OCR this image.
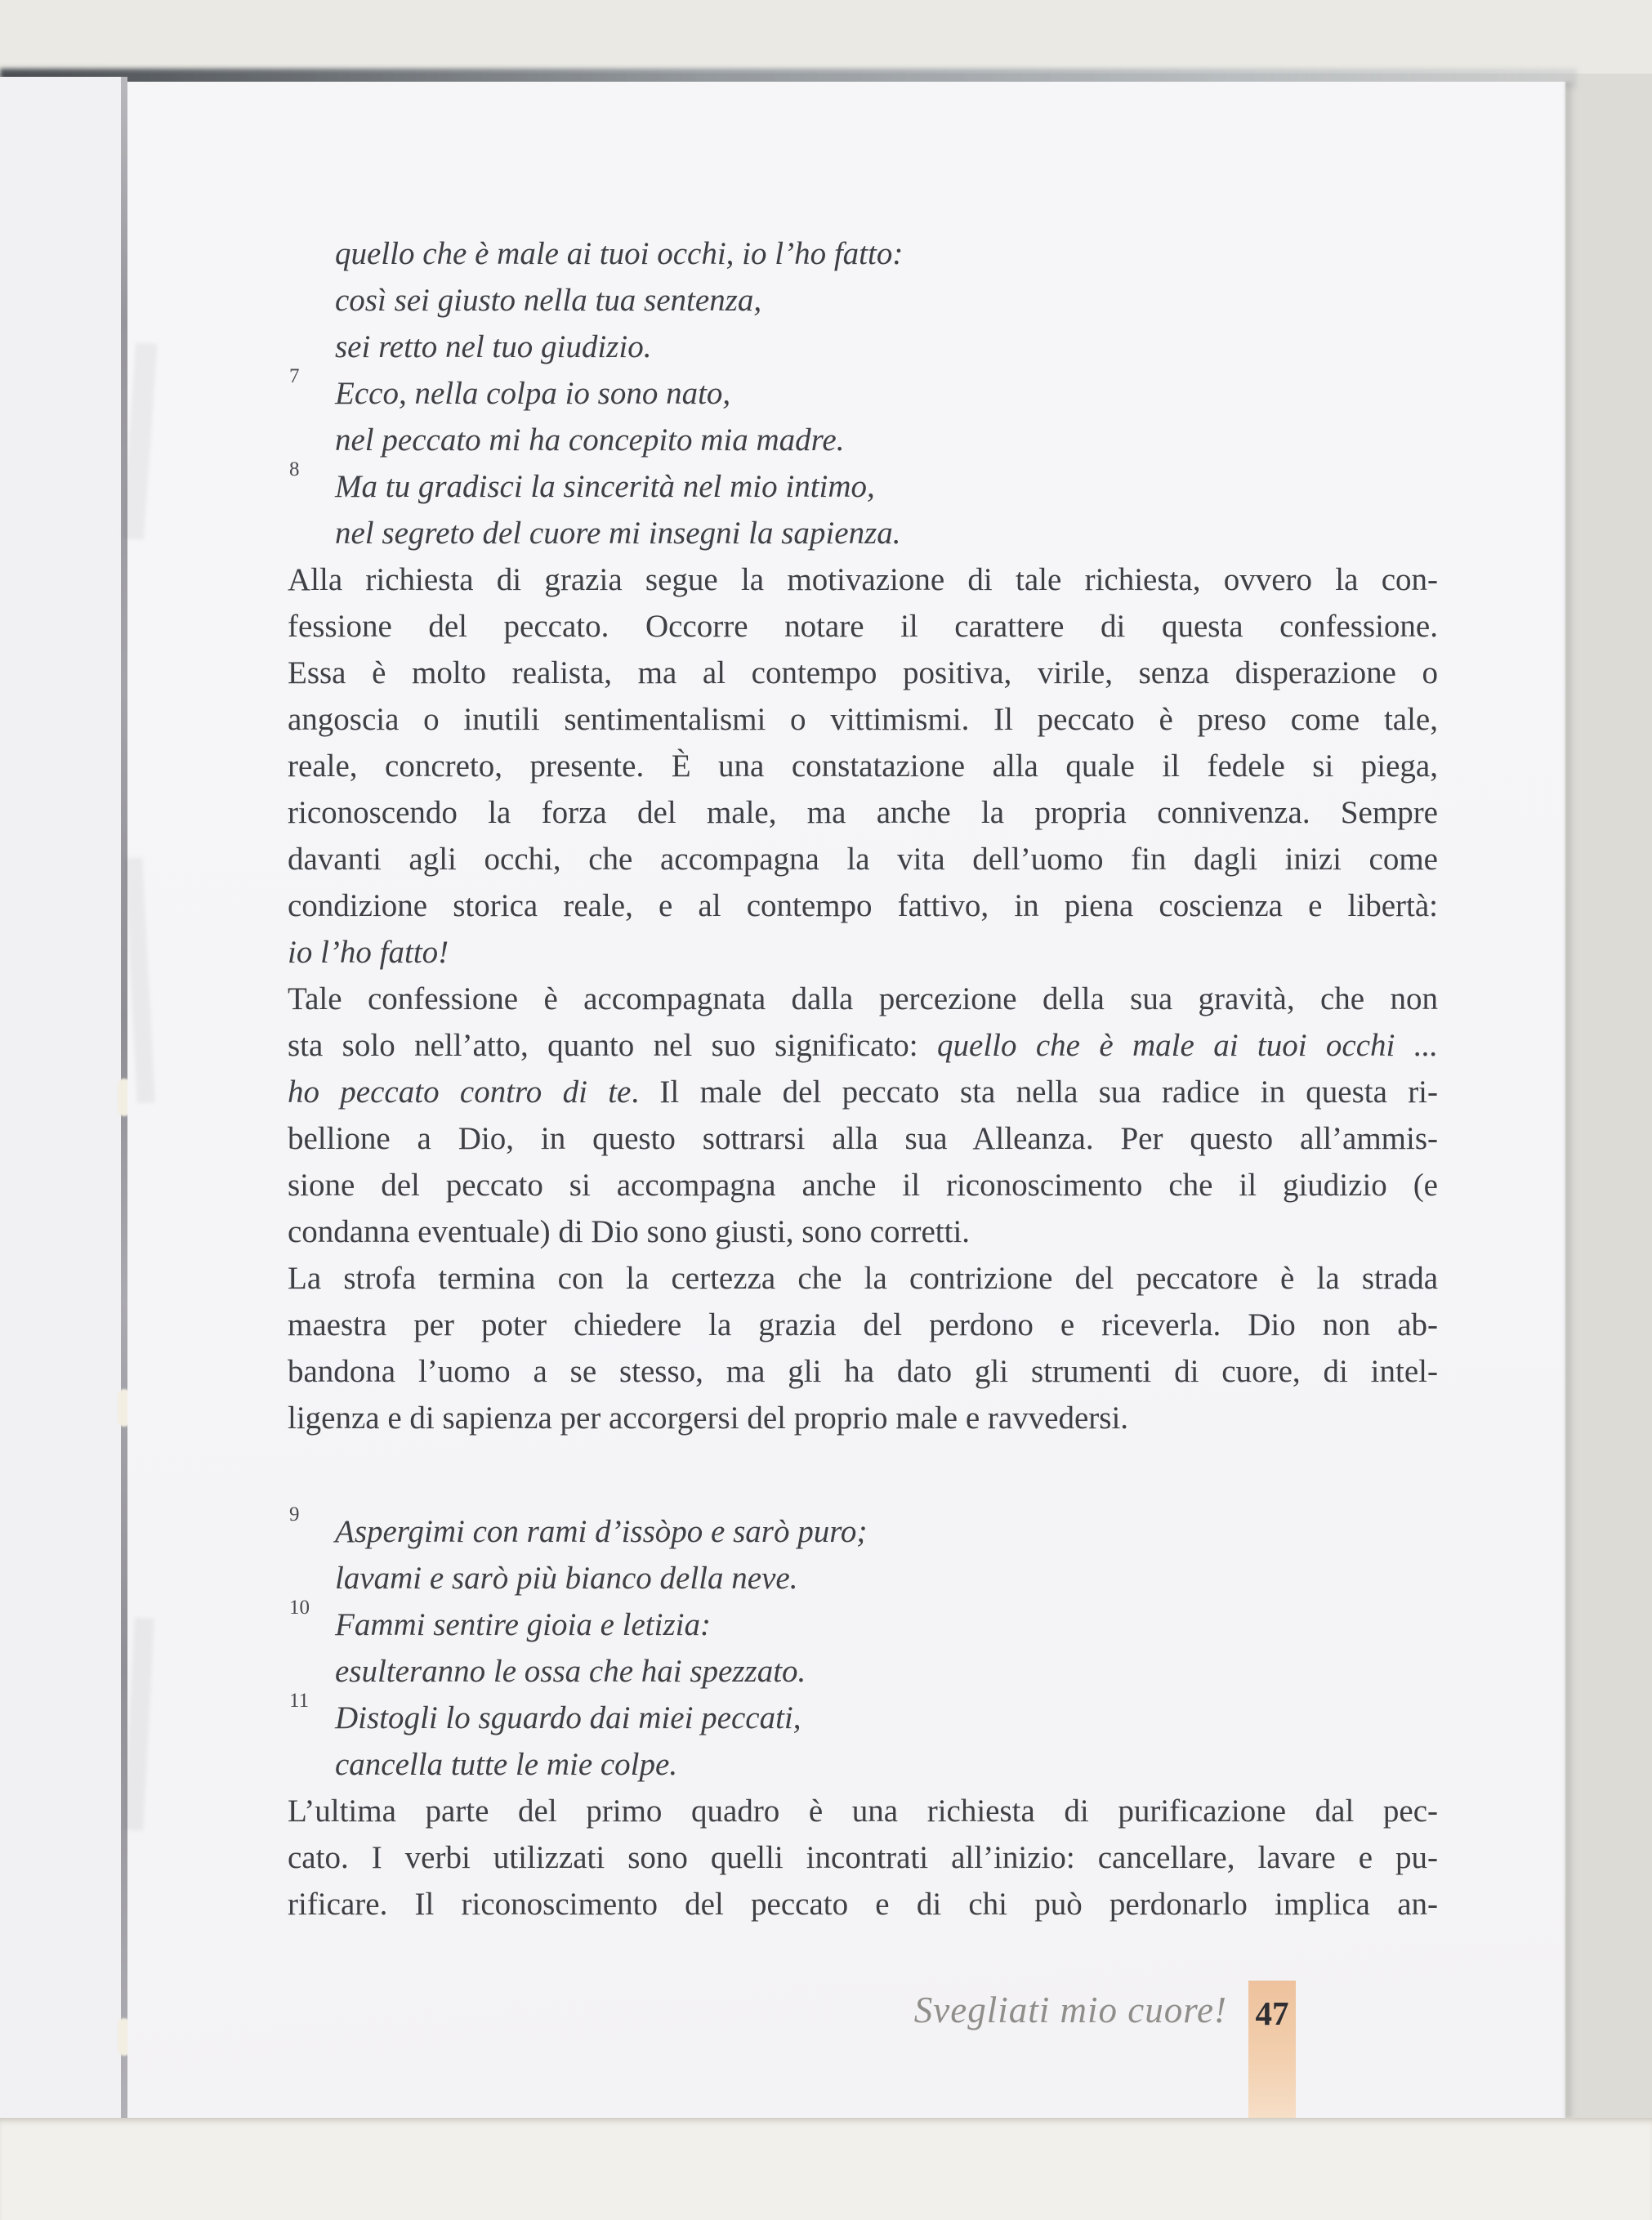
quello che è male ai tuoi occhi, io l’ho fatto:
così sei giusto nella tua sentenza,
sei retto nel tuo giudizio.
7 Ecco, nella colpa io sono nato,
nel peccato mi ha concepito mia madre.
8 Ma tu gradisci la sincerità nel mio intimo,
nel segreto del cuore mi insegni la sapienza.
Alla richiesta di grazia segue la motivazione di tale richiesta, ovvero la con-
fessione del peccato. Occorre notare il carattere di questa confessione.
Essa è molto realista, ma al contempo positiva, virile, senza disperazione o
angoscia o inutili sentimentalismi o vittimismi. Il peccato è preso come tale,
reale, concreto, presente. È una constatazione alla quale il fedele si piega,
riconoscendo la forza del male, ma anche la propria connivenza. Sempre
davanti agli occhi, che accompagna la vita dell’uomo fin dagli inizi come
condizione storica reale, e al contempo fattivo, in piena coscienza e libertà:
io l’ho fatto!
Tale confessione è accompagnata dalla percezione della sua gravità, che non
sta solo nell’atto, quanto nel suo significato: quello che è male ai tuoi occhi ...
ho peccato contro di te. Il male del peccato sta nella sua radice in questa ri-
bellione a Dio, in questo sottrarsi alla sua Alleanza. Per questo all’ammis-
sione del peccato si accompagna anche il riconoscimento che il giudizio (e
condanna eventuale) di Dio sono giusti, sono corretti.
La strofa termina con la certezza che la contrizione del peccatore è la strada
maestra per poter chiedere la grazia del perdono e riceverla. Dio non ab-
bandona l’uomo a se stesso, ma gli ha dato gli strumenti di cuore, di intel-
ligenza e di sapienza per accorgersi del proprio male e ravvedersi.
9 Aspergimi con rami d’issòpo e sarò puro;
lavami e sarò più bianco della neve.
10 Fammi sentire gioia e letizia:
esulteranno le ossa che hai spezzato.
11 Distogli lo sguardo dai miei peccati,
cancella tutte le mie colpe.
L’ultima parte del primo quadro è una richiesta di purificazione dal pec-
cato. I verbi utilizzati sono quelli incontrati all’inizio: cancellare, lavare e pu-
rificare. Il riconoscimento del peccato e di chi può perdonarlo implica an-
Svegliati mio cuore! 47
